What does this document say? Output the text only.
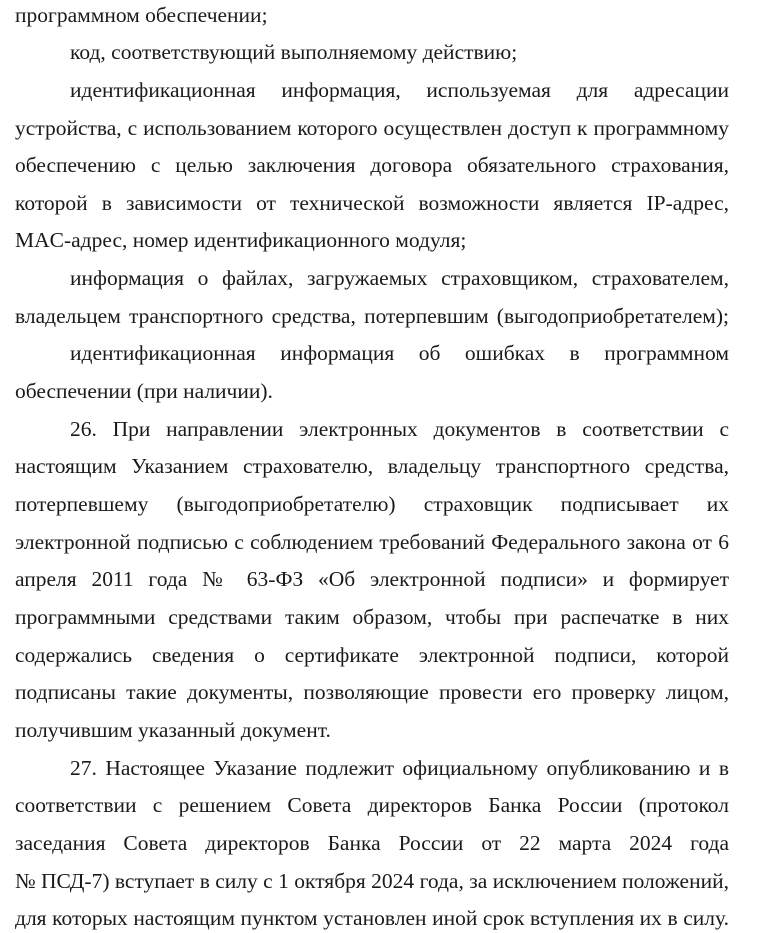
программном обеспечении;

код, соответствующий выполняемому действию;

идентификационная информация, используемая для адресации

устройства, с использованием которого осуществлен доступ к программному

обеспечению с целью заключения договора обязательного страхования,

которой в зависимости от технической возможности является IP-адрес,

MAC-адрес, номер идентификационного модуля;

информация о файлах, загружаемых страховщиком, страхователем,

владельцем транспортного средства, потерпевшим (выгодоприобретателем);

идентификационная информация об ошибках в программном

обеспечении (при наличии).

26. При направлении электронных документов в соответствии с

настоящим Указанием страхователю, владельцу транспортного средства,

потерпевшему (выгодоприобретателю) страховщик подписывает их

электронной подписью с соблюдением требований Федерального закона от 6

апреля 2011 года № 63-ФЗ «Об электронной подписи» и формирует

программными средствами таким образом, чтобы при распечатке в них

содержались сведения о сертификате электронной подписи, которой

подписаны такие документы, позволяющие провести его проверку лицом,

получившим указанный документ.

27. Настоящее Указание подлежит официальному опубликованию и в

соответствии с решением Совета директоров Банка России (протокол

заседания Совета директоров Банка России от 22 марта 2024 года

№ ПСД-7) вступает в силу с 1 октября 2024 года, за исключением положений,

для которых настоящим пунктом установлен иной срок вступления их в силу.
